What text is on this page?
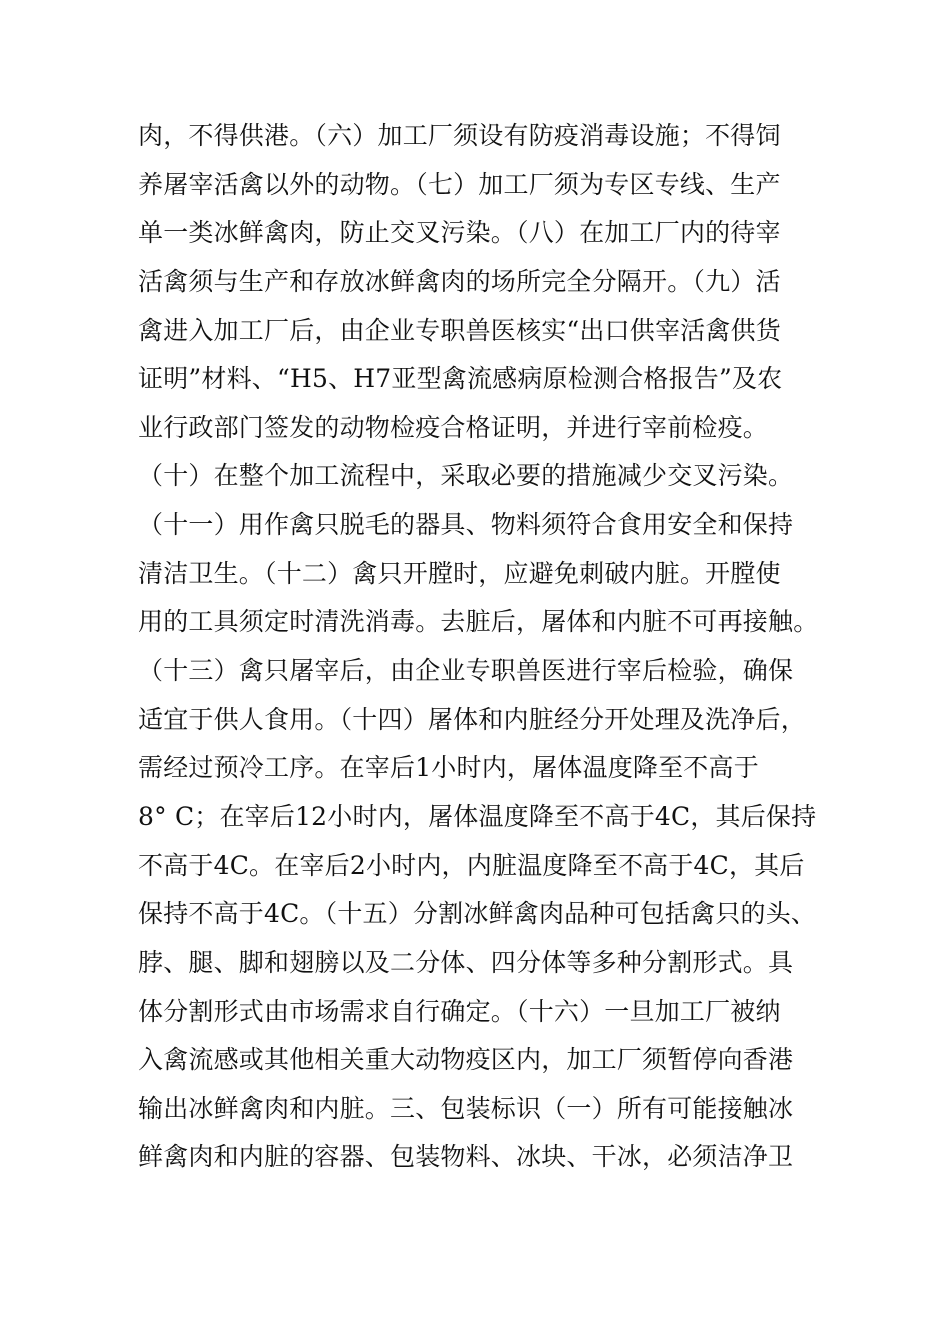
肉，不得供港。（六）加工厂须设有防疫消毒设施；不得饲
养屠宰活禽以外的动物。（七）加工厂须为专区专线、生产
单一类冰鲜禽肉，防止交叉污染。（八）在加工厂内的待宰
活禽须与生产和存放冰鲜禽肉的场所完全分隔开。（九）活
禽进入加工厂后，由企业专职兽医核实“出口供宰活禽供货
证明”材料、“H5、H7亚型禽流感病原检测合格报告”及农
业行政部门签发的动物检疫合格证明，并进行宰前检疫。
（十）在整个加工流程中，采取必要的措施减少交叉污染。
（十一）用作禽只脱毛的器具、物料须符合食用安全和保持
清洁卫生。（十二）禽只开膛时，应避免刺破内脏。开膛使
用的工具须定时清洗消毒。去脏后，屠体和内脏不可再接触。
（十三）禽只屠宰后，由企业专职兽医进行宰后检验，确保
适宜于供人食用。（十四）屠体和内脏经分开处理及洗净后，
需经过预冷工序。在宰后1小时内，屠体温度降至不高于
8° C；在宰后12小时内，屠体温度降至不高于4C，其后保持
不高于4C。在宰后2小时内，内脏温度降至不高于4C，其后
保持不高于4C。（十五）分割冰鲜禽肉品种可包括禽只的头、
脖、腿、脚和翅膀以及二分体、四分体等多种分割形式。具
体分割形式由市场需求自行确定。（十六）一旦加工厂被纳
入禽流感或其他相关重大动物疫区内，加工厂须暂停向香港
输出冰鲜禽肉和内脏。三、包装标识（一）所有可能接触冰
鲜禽肉和内脏的容器、包装物料、冰块、干冰，必须洁净卫
